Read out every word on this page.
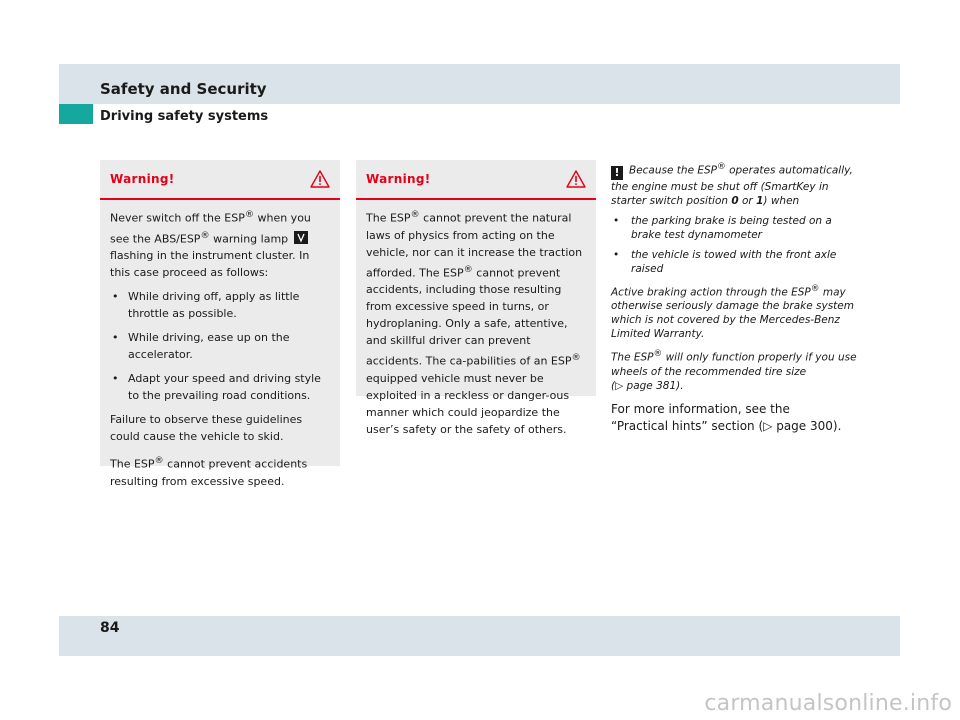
Safety and Security
Driving safety systems
Warning!

Never switch off the ESP® when you see the ABS/ESP® warning lamp  flashing in the instrument cluster. In this case proceed as follows:

• While driving off, apply as little throttle as possible.
• While driving, ease up on the accelerator.
• Adapt your speed and driving style to the prevailing road conditions.

Failure to observe these guidelines could cause the vehicle to skid.

The ESP® cannot prevent accidents resulting from excessive speed.

Warning!

The ESP® cannot prevent the natural laws of physics from acting on the vehicle, nor can it increase the traction afforded. The ESP® cannot prevent accidents, including those resulting from excessive speed in turns, or hydroplaning. Only a safe, attentive, and skillful driver can prevent accidents. The ca-pabilities of an ESP® equipped vehicle must never be exploited in a reckless or danger-ous manner which could jeopardize the user’s safety or the safety of others.

! Because the ESP® operates automatically, the engine must be shut off (SmartKey in starter switch position 0 or 1) when

• the parking brake is being tested on a brake test dynamometer
• the vehicle is towed with the front axle raised

Active braking action through the ESP® may otherwise seriously damage the brake system which is not covered by the Mercedes-Benz Limited Warranty.

The ESP® will only function properly if you use wheels of the recommended tire size
(▷ page 381).

For more information, see the
“Practical hints” section (▷ page 300).

84
carmanualsonline.info
